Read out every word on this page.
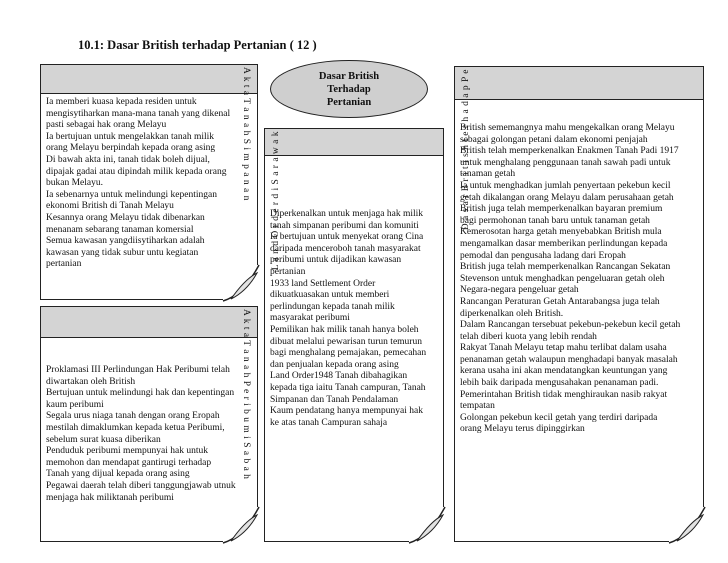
10.1: Dasar British terhadap Pertanian ( 12 )
Dasar British
Terhadap
Pertanian
A k t a T a n a h S i m p a n a n

Ia memberi kuasa kepada residen untuk

mengisytiharkan mana-mana tanah yang dikenal

pasti sebagai hak orang Melayu

Ia bertujuan untuk mengelakkan tanah milik

orang Melayu berpindah kepada orang asing

Di bawah akta ini, tanah tidak boleh dijual,

dipajak gadai atau dipindah milik kepada orang

bukan Melayu.

Ia sebenarnya untuk melindungi kepentingan

ekonomi British di Tanah Melayu

Kesannya orang Melayu tidak dibenarkan

menanam sebarang tanaman komersial

Semua kawasan yangdiisytiharkan adalah

kawasan yang tidak subur untu kegiatan

pertanian

A k t a T a n a h P e r i b u m i S a b a h

Proklamasi III Perlindungan Hak Peribumi telah

diwartakan oleh British

Bertujuan untuk melindungi hak dan kepentingan

kaum peribumi

Segala urus niaga tanah dengan orang Eropah

mestilah dimaklumkan kepada ketua Peribumi,

sebelum surat kuasa diberikan

Penduduk peribumi mempunyai hak untuk

memohon dan mendapat gantirugi terhadap

Tanah yang dijual kepada orang asing

Pegawai daerah telah diberi tanggungjawab utnuk

menjaga hak miliktanah peribumi

L a n d O r d e r d i S a r a w a k

Diperkenalkan untuk menjaga hak milik

tanah simpanan peribumi dan komuniti

Ia bertujuan untuk menyekat orang Cina

daripada menceroboh tanah masyarakat

peribumi untuk dijadikan kawasan

pertanian

1933 land Settlement Order

dikuatkuasakan untuk memberi

perlindungan kepada tanah milik

masyarakat peribumi

Pemilikan hak milik tanah hanya boleh

dibuat melalui pewarisan turun temurun

bagi menghalang pemajakan, pemecahan

dan penjualan kepada orang asing

Land Order1948 Tanah dibahagikan

kepada tiga iaitu Tanah campuran, Tanah

Simpanan dan Tanah Pendalaman

Kaum pendatang hanya mempunyai hak

ke atas tanah Campuran sahaja

D a s a r B r i t i s h t e r h a d a p P e

British sememangnya mahu mengekalkan orang Melayu

sebagai golongan petani dalam ekonomi penjajah

British telah memperkenalkan Enakmen Tanah Padi 1917

untuk menghalang penggunaan tanah sawah padi untuk

tanaman getah

Ia untuk menghadkan jumlah penyertaan pekebun kecil

getah dikalangan orang Melayu dalam perusahaan getah

British juga telah memperkenalkan bayaran premium

bagi permohonan tanah baru untuk tanaman getah

Kemerosotan harga getah menyebabkan British mula

mengamalkan dasar memberikan perlindungan kepada

pemodal dan pengusaha ladang dari Eropah

British juga telah memperkenalkan Rancangan Sekatan

Stevenson untuk menghadkan pengeluaran getah oleh

Negara-negara pengeluar getah

Rancangan Peraturan Getah Antarabangsa juga telah

diperkenalkan oleh British.

Dalam Rancangan tersebuat pekebun-pekebun kecil getah

telah diberi kuota yang lebih rendah

Rakyat Tanah Melayu tetap mahu terlibat dalam usaha

penanaman getah walaupun menghadapi banyak masalah

kerana usaha ini akan mendatangkan keuntungan yang

lebih baik daripada mengusahakan penanaman padi.

Pemerintahan British tidak menghiraukan nasib rakyat

tempatan

Golongan pekebun kecil getah yang terdiri daripada

orang Melayu terus dipinggirkan
